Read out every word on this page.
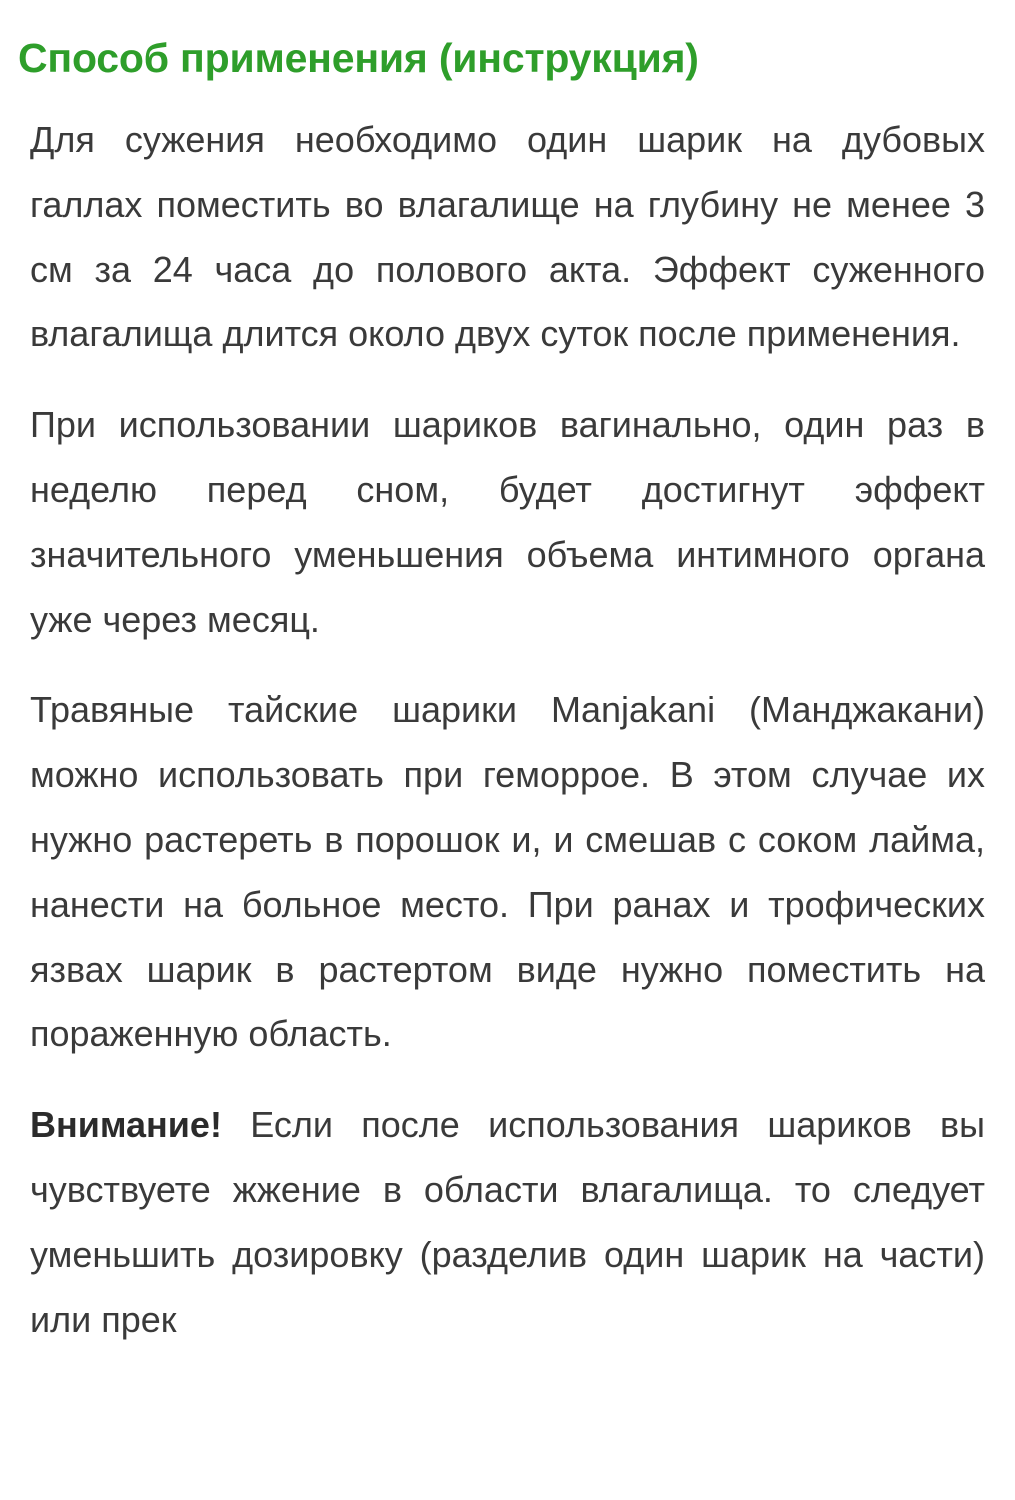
Способ применения (инструкция)

Для сужения необходимо один шарик на дубовых галлах поместить во влагалище на глубину не менее 3 см за 24 часа до полового акта. Эффект суженного влагалища длится около двух суток после применения.

При использовании шариков вагинально, один раз в неделю перед сном, будет достигнут эффект значительного уменьшения объема интимного органа уже через месяц.

Травяные тайские шарики Manjakani (Манджакани) можно использовать при геморрое. В этом случае их нужно растереть в порошок и, и смешав с соком лайма, нанести на больное место. При ранах и трофических язвах шарик в растертом виде нужно поместить на пораженную область.

Внимание! Если после использования шариков вы чувствуете жжение в области влагалища. то следует уменьшить дозировку (разделив один шарик на части) или прек
